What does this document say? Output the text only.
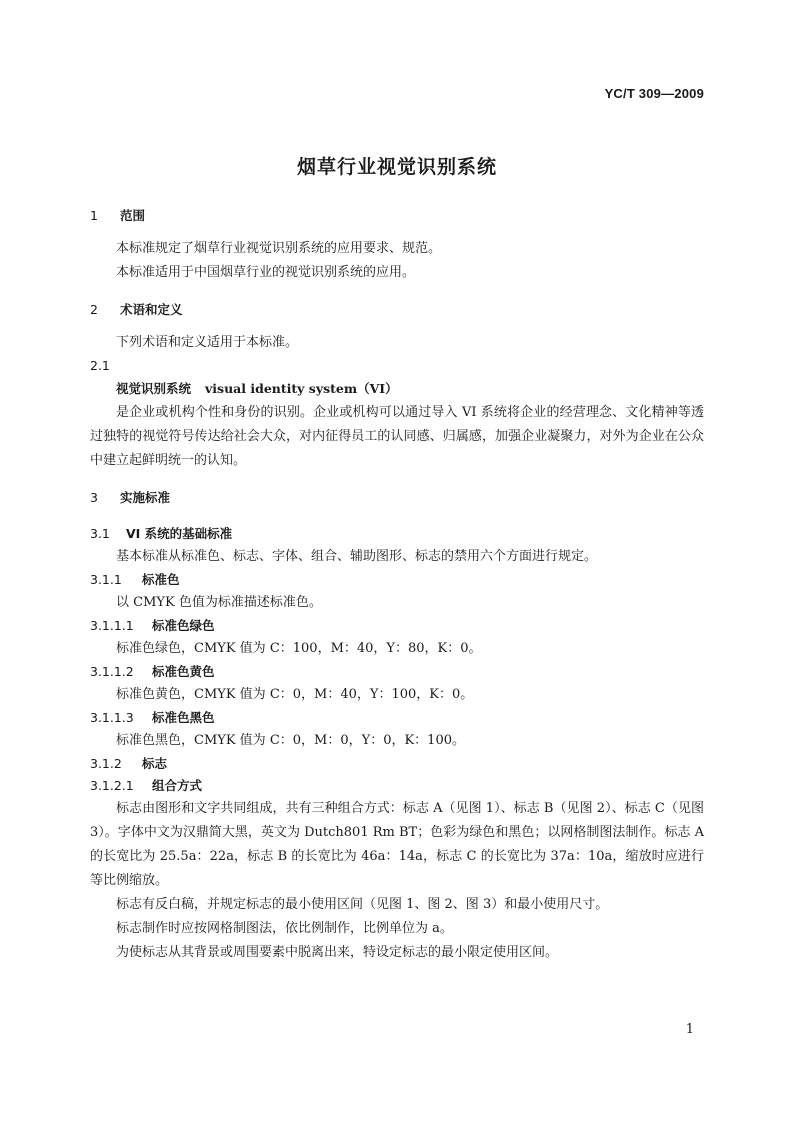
YC/T 309—2009
烟草行业视觉识别系统
1 范围

本标准规定了烟草行业视觉识别系统的应用要求、规范。

本标准适用于中国烟草行业的视觉识别系统的应用。

2 术语和定义

下列术语和定义适用于本标准。

2.1

视觉识别系统 visual identity system（VI）

是企业或机构个性和身份的识别。企业或机构可以通过导入 VI 系统将企业的经营理念、文化精神等透过独特的视觉符号传达给社会大众，对内征得员工的认同感、归属感，加强企业凝聚力，对外为企业在公众中建立起鲜明统一的认知。

3 实施标准
3.1 VI 系统的基础标准

基本标准从标准色、标志、字体、组合、辅助图形、标志的禁用六个方面进行规定。

3.1.1 标准色

以 CMYK 色值为标准描述标准色。

3.1.1.1 标准色绿色

标准色绿色，CMYK 值为 C：100，M：40，Y：80，K：0。

3.1.1.2 标准色黄色

标准色黄色，CMYK 值为 C：0，M：40，Y：100，K：0。

3.1.1.3 标准色黑色

标准色黑色，CMYK 值为 C：0，M：0，Y：0，K：100。

3.1.2 标志
3.1.2.1 组合方式

标志由图形和文字共同组成，共有三种组合方式：标志 A（见图 1）、标志 B（见图 2）、标志 C（见图 3）。字体中文为汉鼎简大黑，英文为 Dutch801 Rm BT；色彩为绿色和黑色；以网格制图法制作。标志 A 的长宽比为 25.5a：22a，标志 B 的长宽比为 46a：14a，标志 C 的长宽比为 37a：10a，缩放时应进行等比例缩放。

标志有反白稿，并规定标志的最小使用区间（见图 1、图 2、图 3）和最小使用尺寸。

标志制作时应按网格制图法，依比例制作，比例单位为 a。

为使标志从其背景或周围要素中脱离出来，特设定标志的最小限定使用区间。

1
